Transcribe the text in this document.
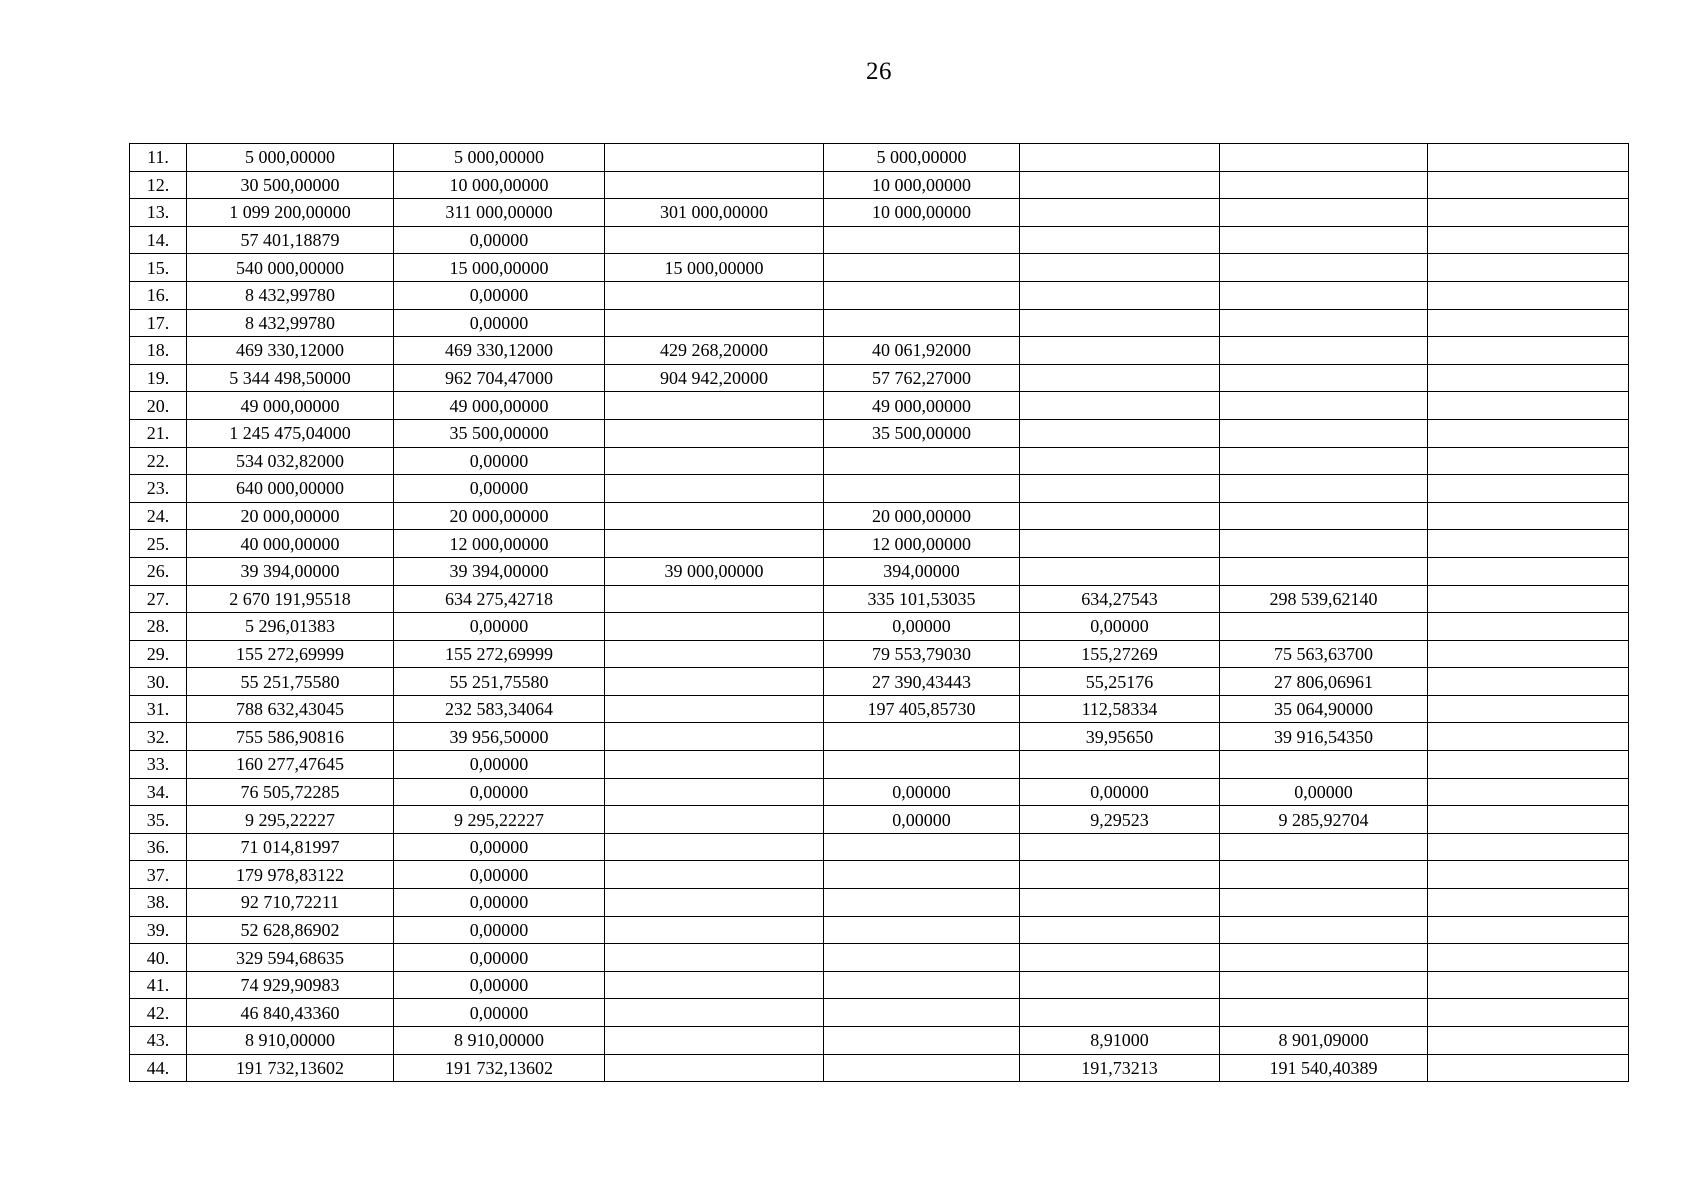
26
11.	5 000,00000	5 000,00000		5 000,00000			
12.	30 500,00000	10 000,00000		10 000,00000			
13.	1 099 200,00000	311 000,00000	301 000,00000	10 000,00000			
14.	57 401,18879	0,00000					
15.	540 000,00000	15 000,00000	15 000,00000				
16.	8 432,99780	0,00000					
17.	8 432,99780	0,00000					
18.	469 330,12000	469 330,12000	429 268,20000	40 061,92000			
19.	5 344 498,50000	962 704,47000	904 942,20000	57 762,27000			
20.	49 000,00000	49 000,00000		49 000,00000			
21.	1 245 475,04000	35 500,00000		35 500,00000			
22.	534 032,82000	0,00000					
23.	640 000,00000	0,00000					
24.	20 000,00000	20 000,00000		20 000,00000			
25.	40 000,00000	12 000,00000		12 000,00000			
26.	39 394,00000	39 394,00000	39 000,00000	394,00000			
27.	2 670 191,95518	634 275,42718		335 101,53035	634,27543	298 539,62140	
28.	5 296,01383	0,00000		0,00000	0,00000		
29.	155 272,69999	155 272,69999		79 553,79030	155,27269	75 563,63700	
30.	55 251,75580	55 251,75580		27 390,43443	55,25176	27 806,06961	
31.	788 632,43045	232 583,34064		197 405,85730	112,58334	35 064,90000	
32.	755 586,90816	39 956,50000			39,95650	39 916,54350	
33.	160 277,47645	0,00000					
34.	76 505,72285	0,00000		0,00000	0,00000	0,00000	
35.	9 295,22227	9 295,22227		0,00000	9,29523	9 285,92704	
36.	71 014,81997	0,00000					
37.	179 978,83122	0,00000					
38.	92 710,72211	0,00000					
39.	52 628,86902	0,00000					
40.	329 594,68635	0,00000					
41.	74 929,90983	0,00000					
42.	46 840,43360	0,00000					
43.	8 910,00000	8 910,00000			8,91000	8 901,09000	
44.	191 732,13602	191 732,13602			191,73213	191 540,40389	
